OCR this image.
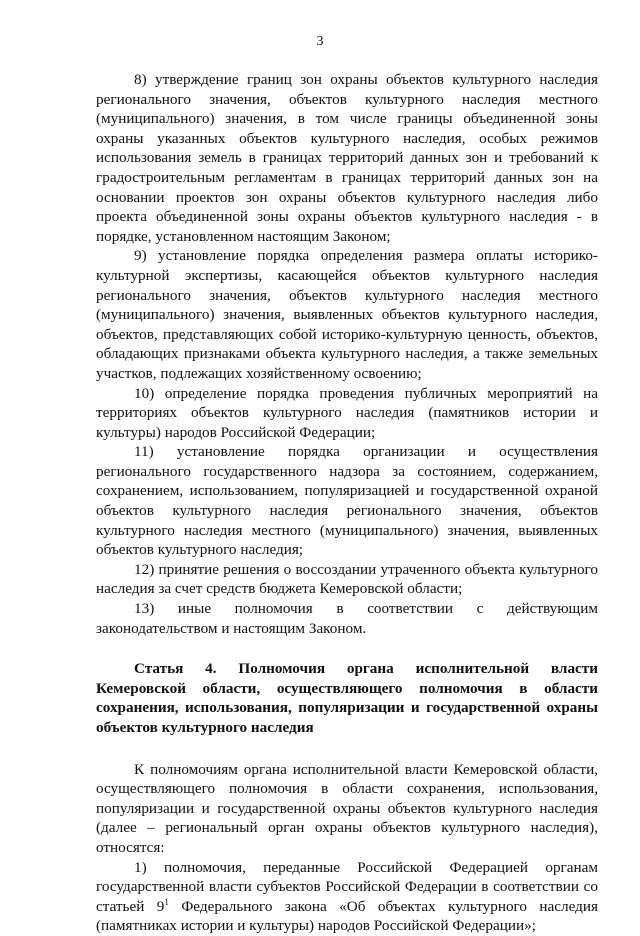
3

8) утверждение границ зон охраны объектов культурного наследия регионального значения, объектов культурного наследия местного (муниципального) значения, в том числе границы объединенной зоны охраны указанных объектов культурного наследия, особых режимов использования земель в границах территорий данных зон и требований к градостроительным регламентам в границах территорий данных зон на основании проектов зон охраны объектов культурного наследия либо проекта объединенной зоны охраны объектов культурного наследия - в порядке, установленном настоящим Законом;

9) установление порядка определения размера оплаты историко-культурной экспертизы, касающейся объектов культурного наследия регионального значения, объектов культурного наследия местного (муниципального) значения, выявленных объектов культурного наследия, объектов, представляющих собой историко-культурную ценность, объектов, обладающих признаками объекта культурного наследия, а также земельных участков, подлежащих хозяйственному освоению;

10) определение порядка проведения публичных мероприятий на территориях объектов культурного наследия (памятников истории и культуры) народов Российской Федерации;

11) установление порядка организации и осуществления регионального государственного надзора за состоянием, содержанием, сохранением, использованием, популяризацией и государственной охраной объектов культурного наследия регионального значения, объектов культурного наследия местного (муниципального) значения, выявленных объектов культурного наследия;

12) принятие решения о воссоздании утраченного объекта культурного наследия за счет средств бюджета Кемеровской области;

13) иные полномочия в соответствии с действующим законодательством и настоящим Законом.

Статья 4. Полномочия органа исполнительной власти Кемеровской области, осуществляющего полномочия в области сохранения, использования, популяризации и государственной охраны объектов культурного наследия

К полномочиям органа исполнительной власти Кемеровской области, осуществляющего полномочия в области сохранения, использования, популяризации и государственной охраны объектов культурного наследия (далее – региональный орган охраны объектов культурного наследия), относятся:

1) полномочия, переданные Российской Федерацией органам государственной власти субъектов Российской Федерации в соответствии со статьей $9^1$ Федерального закона «Об объектах культурного наследия (памятниках истории и культуры) народов Российской Федерации»;
